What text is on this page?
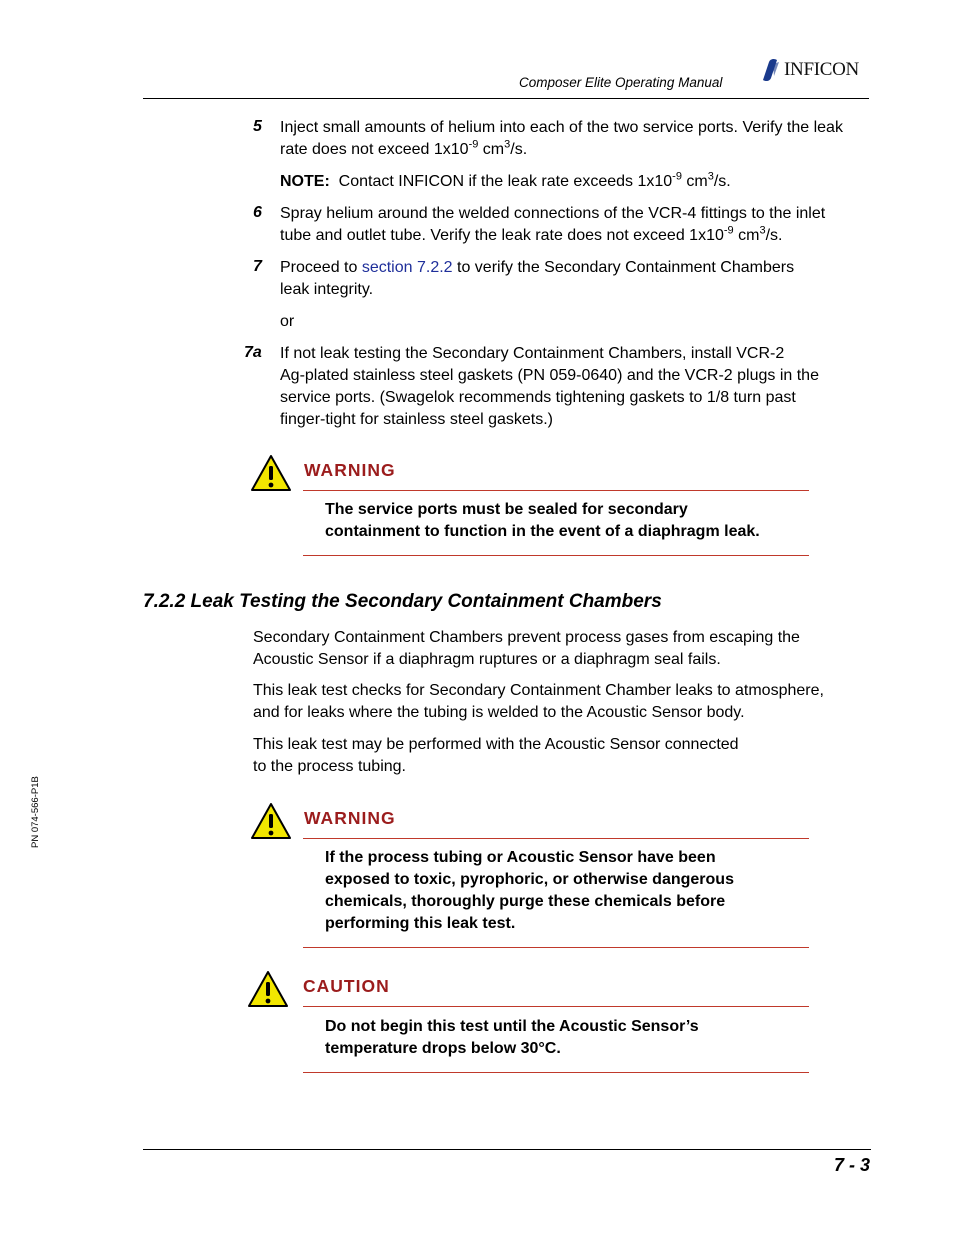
Composer Elite Operating Manual
INFICON
5 Inject small amounts of helium into each of the two service ports. Verify the leak
rate does not exceed $1x10^{-9}$ $cm^3/s$.
NOTE: Contact INFICON if the leak rate exceeds $1x10^{-9}$ $cm^3/s$.
6 Spray helium around the welded connections of the VCR-4 fittings to the inlet
tube and outlet tube. Verify the leak rate does not exceed $1x10^{-9}$ $cm^3/s$.
7 Proceed to section 7.2.2 to verify the Secondary Containment Chambers
leak integrity.
or
7a If not leak testing the Secondary Containment Chambers, install VCR-2
Ag-plated stainless steel gaskets (PN 059-0640) and the VCR-2 plugs in the
service ports. (Swagelok recommends tightening gaskets to 1/8 turn past
finger-tight for stainless steel gaskets.)
WARNING
The service ports must be sealed for secondary
containment to function in the event of a diaphragm leak.
7.2.2 Leak Testing the Secondary Containment Chambers
Secondary Containment Chambers prevent process gases from escaping the
Acoustic Sensor if a diaphragm ruptures or a diaphragm seal fails.
This leak test checks for Secondary Containment Chamber leaks to atmosphere,
and for leaks where the tubing is welded to the Acoustic Sensor body.
This leak test may be performed with the Acoustic Sensor connected
to the process tubing.
WARNING
If the process tubing or Acoustic Sensor have been
exposed to toxic, pyrophoric, or otherwise dangerous
chemicals, thoroughly purge these chemicals before
performing this leak test.
CAUTION
Do not begin this test until the Acoustic Sensor’s
temperature drops below 30°C.
PN 074-566-P1B
7 - 3
